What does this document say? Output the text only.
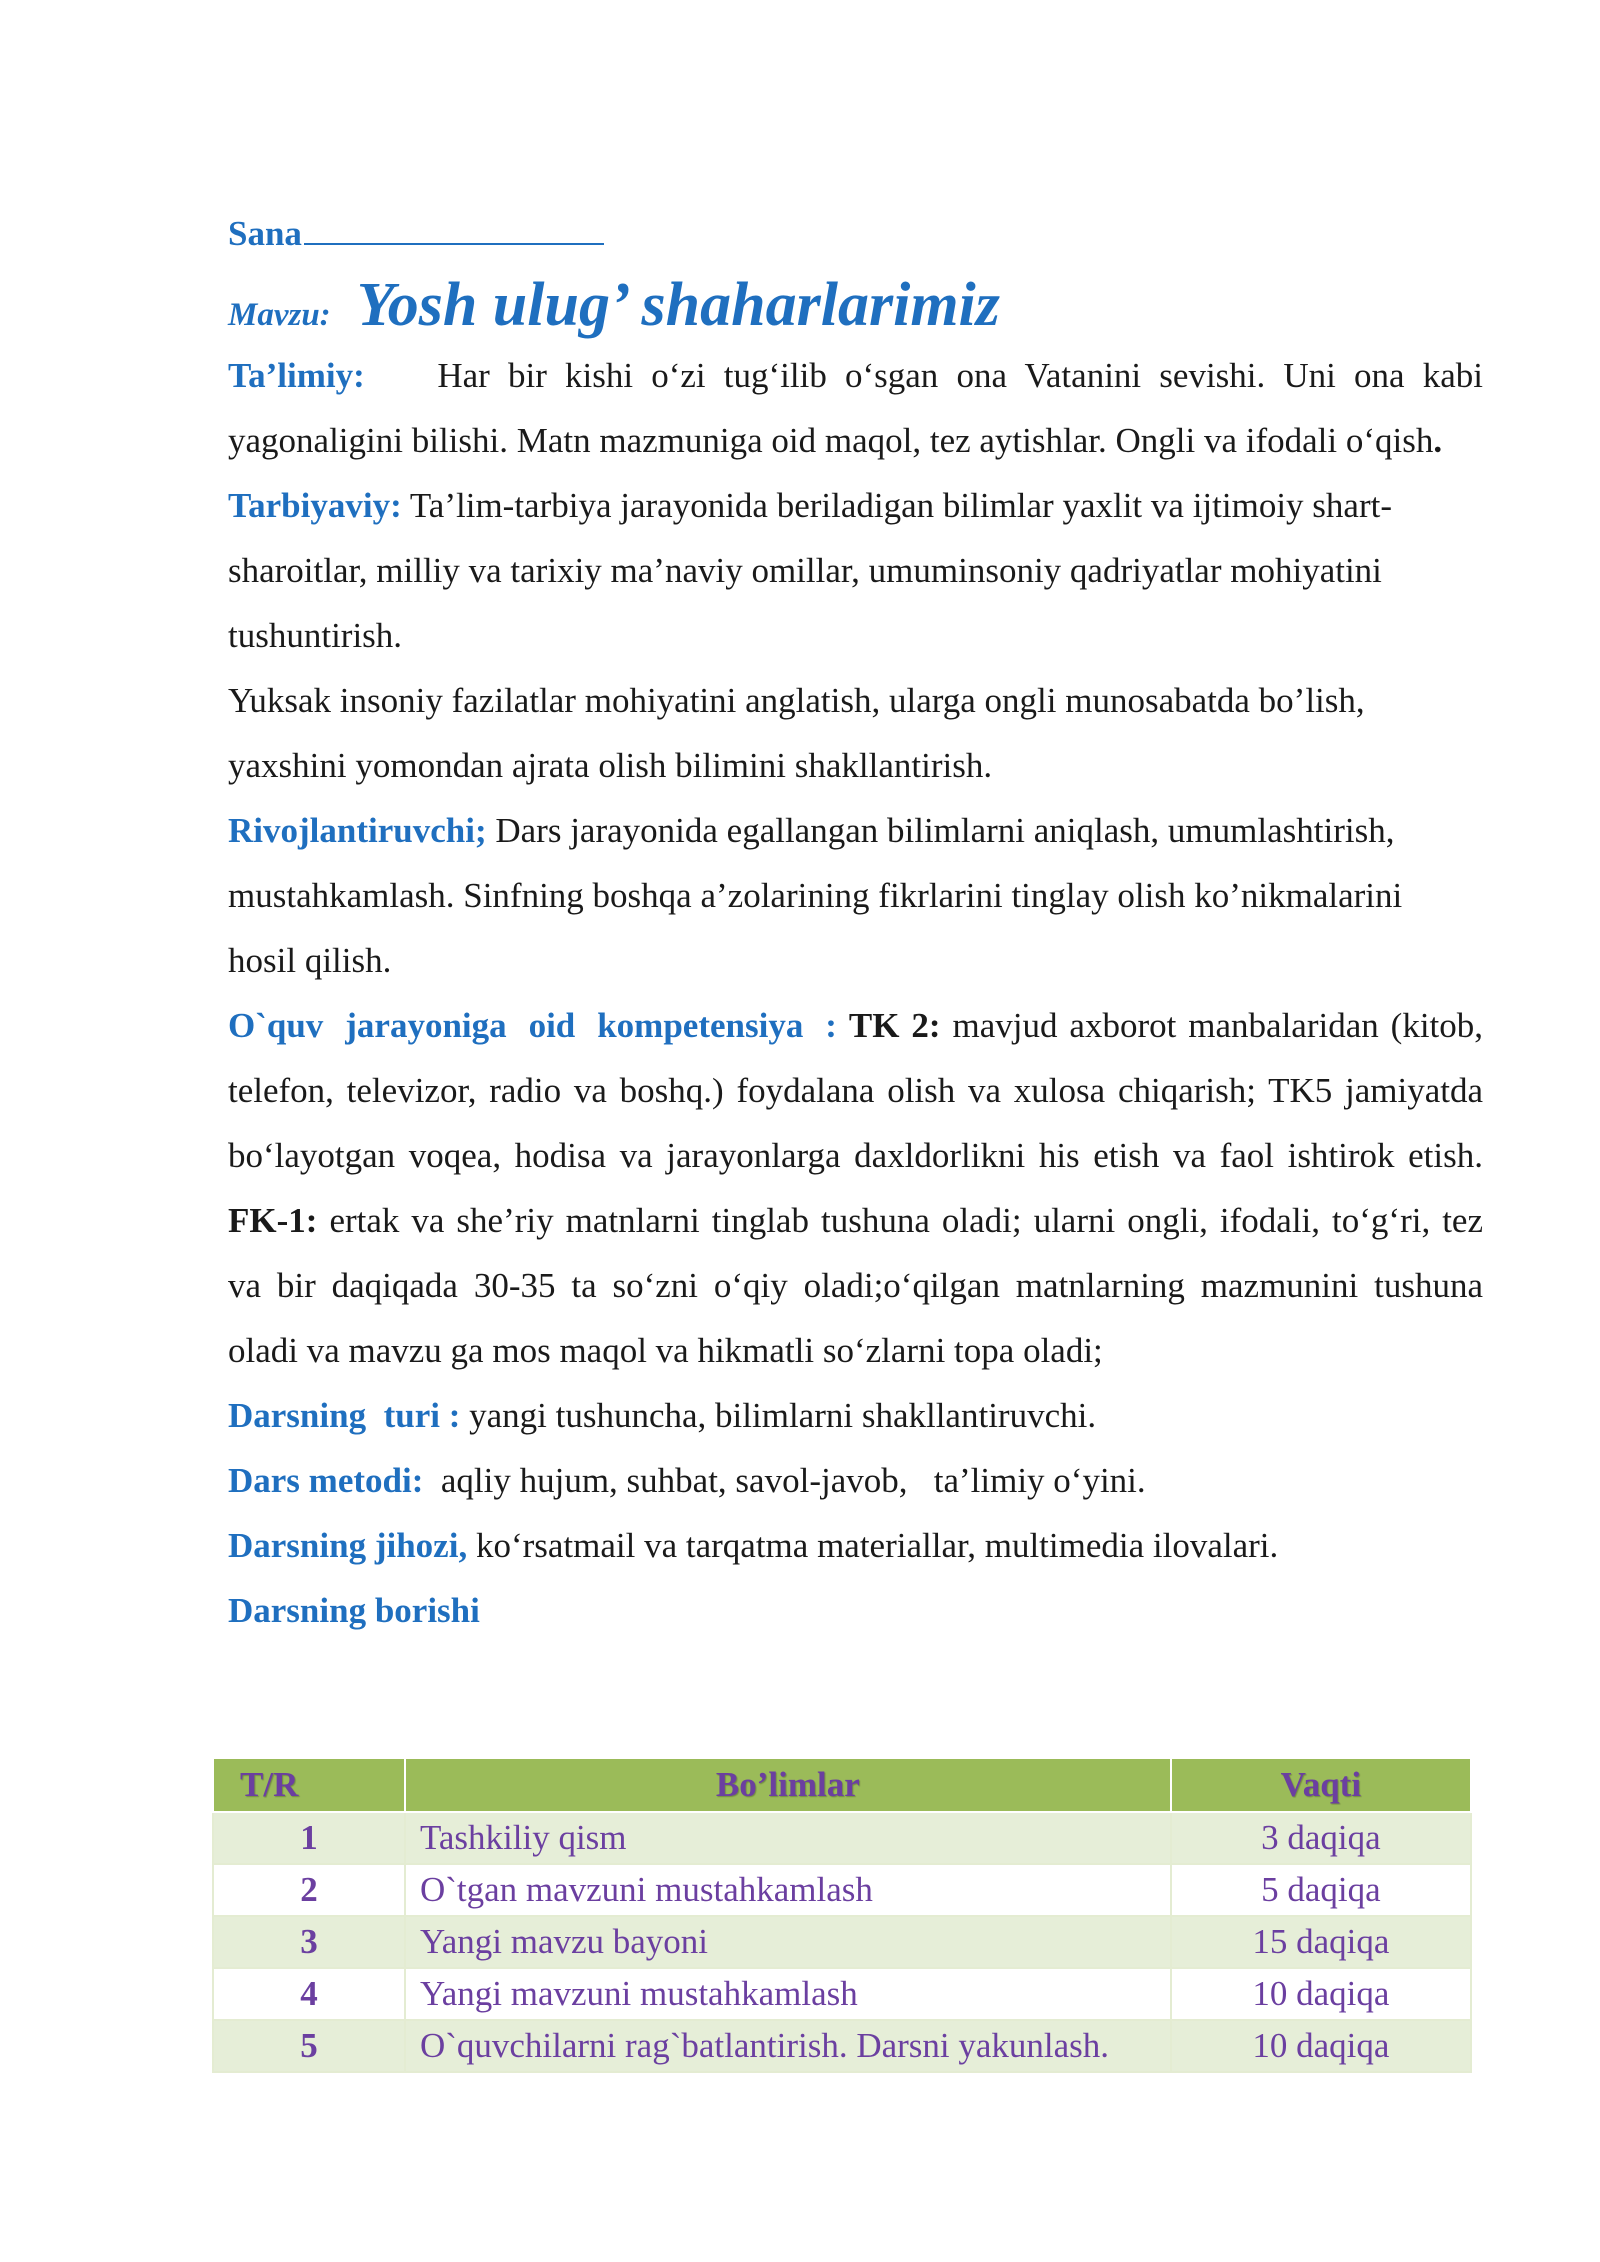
Sana
Mavzu: Yosh ulug’ shaharlarimiz

Ta’limiy: Har bir kishi o‘zi tug‘ilib o‘sgan ona Vatanini sevishi. Uni ona kabi yagonaligini bilishi. Matn mazmuniga oid maqol, tez aytishlar. Ongli va ifodali o‘qish.

Tarbiyaviy: Ta’lim-tarbiya jarayonida beriladigan bilimlar yaxlit va ijtimoiy shart-sharoitlar, milliy va tarixiy ma’naviy omillar, umuminsoniy qadriyatlar mohiyatini tushuntirish.

Yuksak insoniy fazilatlar mohiyatini anglatish, ularga ongli munosabatda bo’lish, yaxshini yomondan ajrata olish bilimini shakllantirish.

Rivojlantiruvchi; Dars jarayonida egallangan bilimlarni aniqlash, umumlashtirish, mustahkamlash. Sinfning boshqa a’zolarining fikrlarini tinglay olish ko’nikmalarini hosil qilish.

O`quv jarayoniga oid kompetensiya : TK 2: mavjud axborot manbalaridan (kitob, telefon, televizor, radio va boshq.) foydalana olish va xulosa chiqarish; TK5 jamiyatda bo‘layotgan voqea, hodisa va jarayonlarga daxldorlikni his etish va faol ishtirok etish. FK-1: ertak va she’riy matnlarni tinglab tushuna oladi; ularni ongli, ifodali, to‘g‘ri, tez va bir daqiqada 30-35 ta so‘zni o‘qiy oladi;o‘qilgan matnlarning mazmunini tushuna oladi va mavzu ga mos maqol va hikmatli so‘zlarni topa oladi;

Darsning  turi : yangi tushuncha, bilimlarni shakllantiruvchi.

Dars metodi: aqliy hujum, suhbat, savol-javob,   ta’limiy o‘yini.

Darsning jihozi, ko‘rsatmail va tarqatma materiallar, multimedia ilovalari.

Darsning borishi

T/R	Bo’limlar	Vaqti
1	Tashkiliy qism	3 daqiqa
2	O`tgan mavzuni mustahkamlash	5 daqiqa
3	Yangi mavzu bayoni	15 daqiqa
4	Yangi mavzuni mustahkamlash	10 daqiqa
5	O`quvchilarni rag`batlantirish. Darsni yakunlash.	10 daqiqa
